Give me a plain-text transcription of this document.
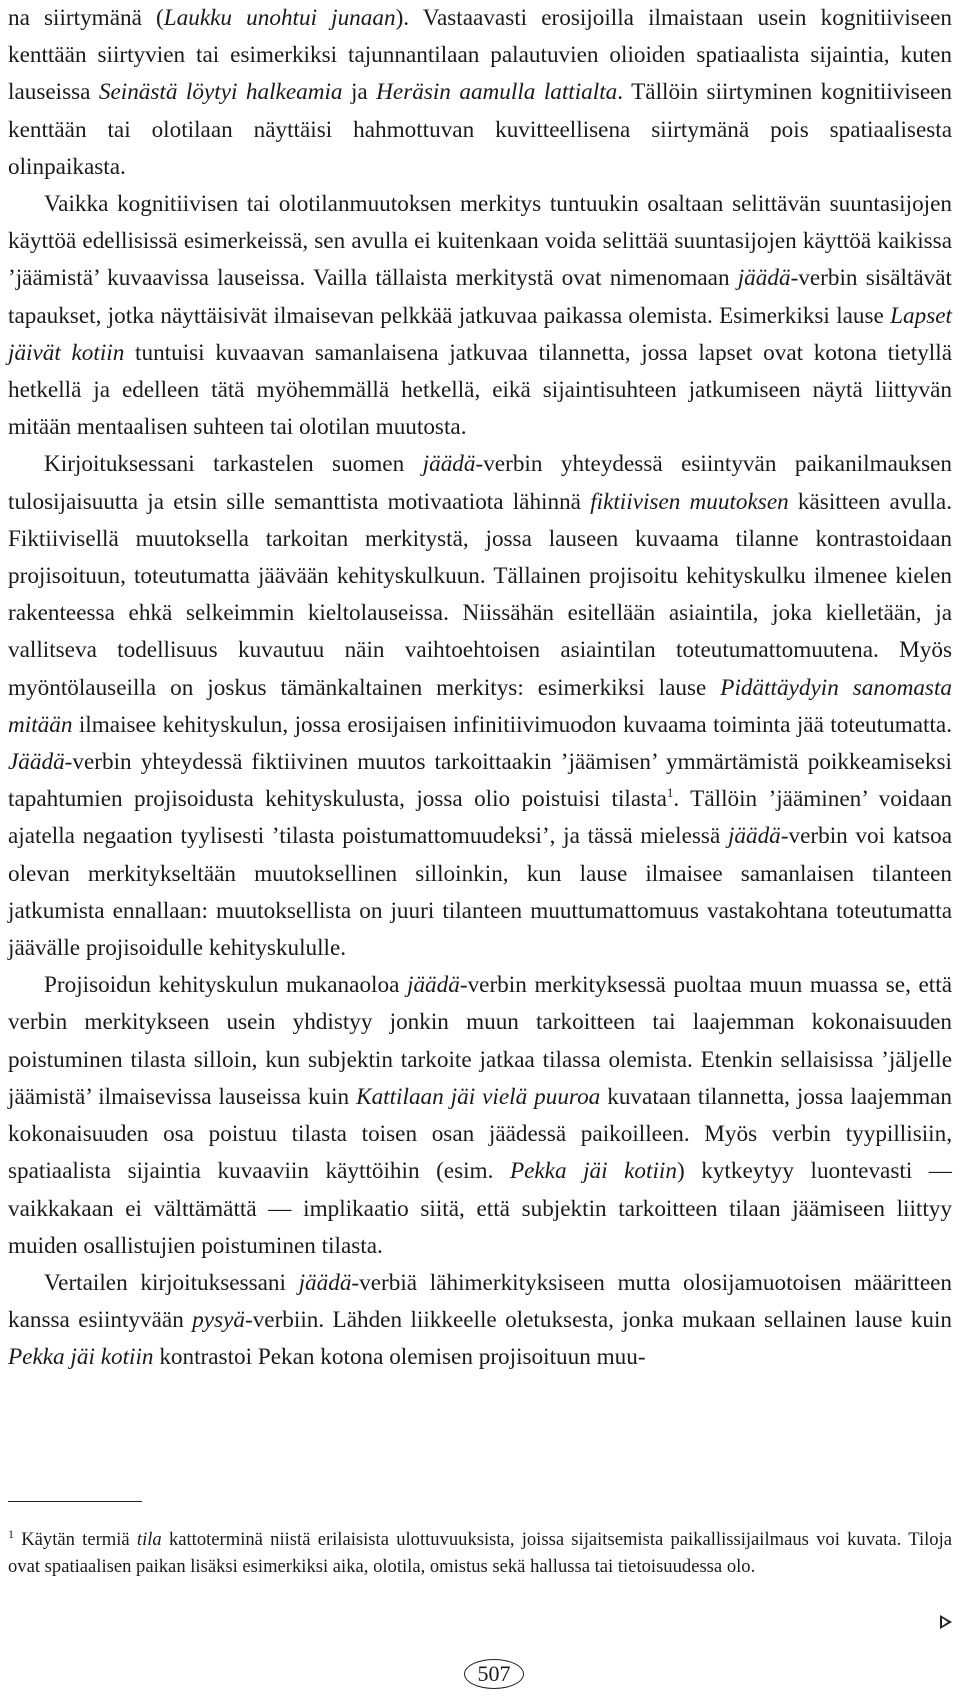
na siirtymänä (Laukku unohtui junaan). Vastaavasti erosijoilla ilmaistaan usein kognitiiviseen kenttään siirtyvien tai esimerkiksi tajunnantilaan palautuvien olioiden spatiaalista sijaintia, kuten lauseissa Seinästä löytyi halkeamia ja Heräsin aamulla lattialta. Tällöin siirtyminen kognitiiviseen kenttään tai olotilaan näyttäisi hahmottuvan kuvitteellisena siirtymänä pois spatiaalisesta olinpaikasta.

Vaikka kognitiivisen tai olotilanmuutoksen merkitys tuntuukin osaltaan selittävän suuntasijojen käyttöä edellisissä esimerkeissä, sen avulla ei kuitenkaan voida selittää suuntasijojen käyttöä kaikissa ’jäämistä’ kuvaavissa lauseissa. Vailla tällaista merkitystä ovat nimenomaan jäädä-verbin sisältävät tapaukset, jotka näyttäisivät ilmaisevan pelkkää jatkuvaa paikassa olemista. Esimerkiksi lause Lapset jäivät kotiin tuntuisi kuvaavan samanlaisena jatkuvaa tilannetta, jossa lapset ovat kotona tietyllä hetkellä ja edelleen tätä myöhemmällä hetkellä, eikä sijaintisuhteen jatkumiseen näytä liittyvän mitään mentaalisen suhteen tai olotilan muutosta.

Kirjoituksessani tarkastelen suomen jäädä-verbin yhteydessä esiintyvän paikanilmauksen tulosijaisuutta ja etsin sille semanttista motivaatiota lähinnä fiktiivisen muutoksen käsitteen avulla. Fiktiivisellä muutoksella tarkoitan merkitystä, jossa lauseen kuvaama tilanne kontrastoidaan projisoituun, toteutumatta jäävään kehityskulkuun. Tällainen projisoitu kehityskulku ilmenee kielen rakenteessa ehkä selkeimmin kieltolauseissa. Niissähän esitellään asiaintila, joka kielletään, ja vallitseva todellisuus kuvautuu näin vaihtoehtoisen asiaintilan toteutumattomuutena. Myös myöntölauseilla on joskus tämänkaltainen merkitys: esimerkiksi lause Pidättäydyin sanomasta mitään ilmaisee kehityskulun, jossa erosijaisen infinitiivimuodon kuvaama toiminta jää toteutumatta. Jäädä-verbin yhteydessä fiktiivinen muutos tarkoittaakin ’jäämisen’ ymmärtämistä poikkeamiseksi tapahtumien projisoidusta kehityskulusta, jossa olio poistuisi tilasta$^1$. Tällöin ’jääminen’ voidaan ajatella negaation tyylisesti ’tilasta poistumattomuudeksi’, ja tässä mielessä jäädä-verbin voi katsoa olevan merkitykseltään muutoksellinen silloinkin, kun lause ilmaisee samanlaisen tilanteen jatkumista ennallaan: muutoksellista on juuri tilanteen muuttumattomuus vastakohtana toteutumatta jäävälle projisoidulle kehityskululle.

Projisoidun kehityskulun mukanaoloa jäädä-verbin merkityksessä puoltaa muun muassa se, että verbin merkitykseen usein yhdistyy jonkin muun tarkoitteen tai laajemman kokonaisuuden poistuminen tilasta silloin, kun subjektin tarkoite jatkaa tilassa olemista. Etenkin sellaisissa ’jäljelle jäämistä’ ilmaisevissa lauseissa kuin Kattilaan jäi vielä puuroa kuvataan tilannetta, jossa laajemman kokonaisuuden osa poistuu tilasta toisen osan jäädessä paikoilleen. Myös verbin tyypillisiin, spatiaalista sijaintia kuvaaviin käyttöihin (esim. Pekka jäi kotiin) kytkeytyy luontevasti — vaikkakaan ei välttämättä — implikaatio siitä, että subjektin tarkoitteen tilaan jäämiseen liittyy muiden osallistujien poistuminen tilasta.

Vertailen kirjoituksessani jäädä-verbiä lähimerkityksiseen mutta olosijamuotoisen määritteen kanssa esiintyvään pysyä-verbiin. Lähden liikkeelle oletuksesta, jonka mukaan sellainen lause kuin Pekka jäi kotiin kontrastoi Pekan kotona olemisen projisoituun muu-

$^1$ Käytän termiä tila kattoterminä niistä erilaisista ulottuvuuksista, joissa sijaitsemista paikallissijailmaus voi kuvata. Tiloja ovat spatiaalisen paikan lisäksi esimerkiksi aika, olotila, omistus sekä hallussa tai tietoisuudessa olo.

507
